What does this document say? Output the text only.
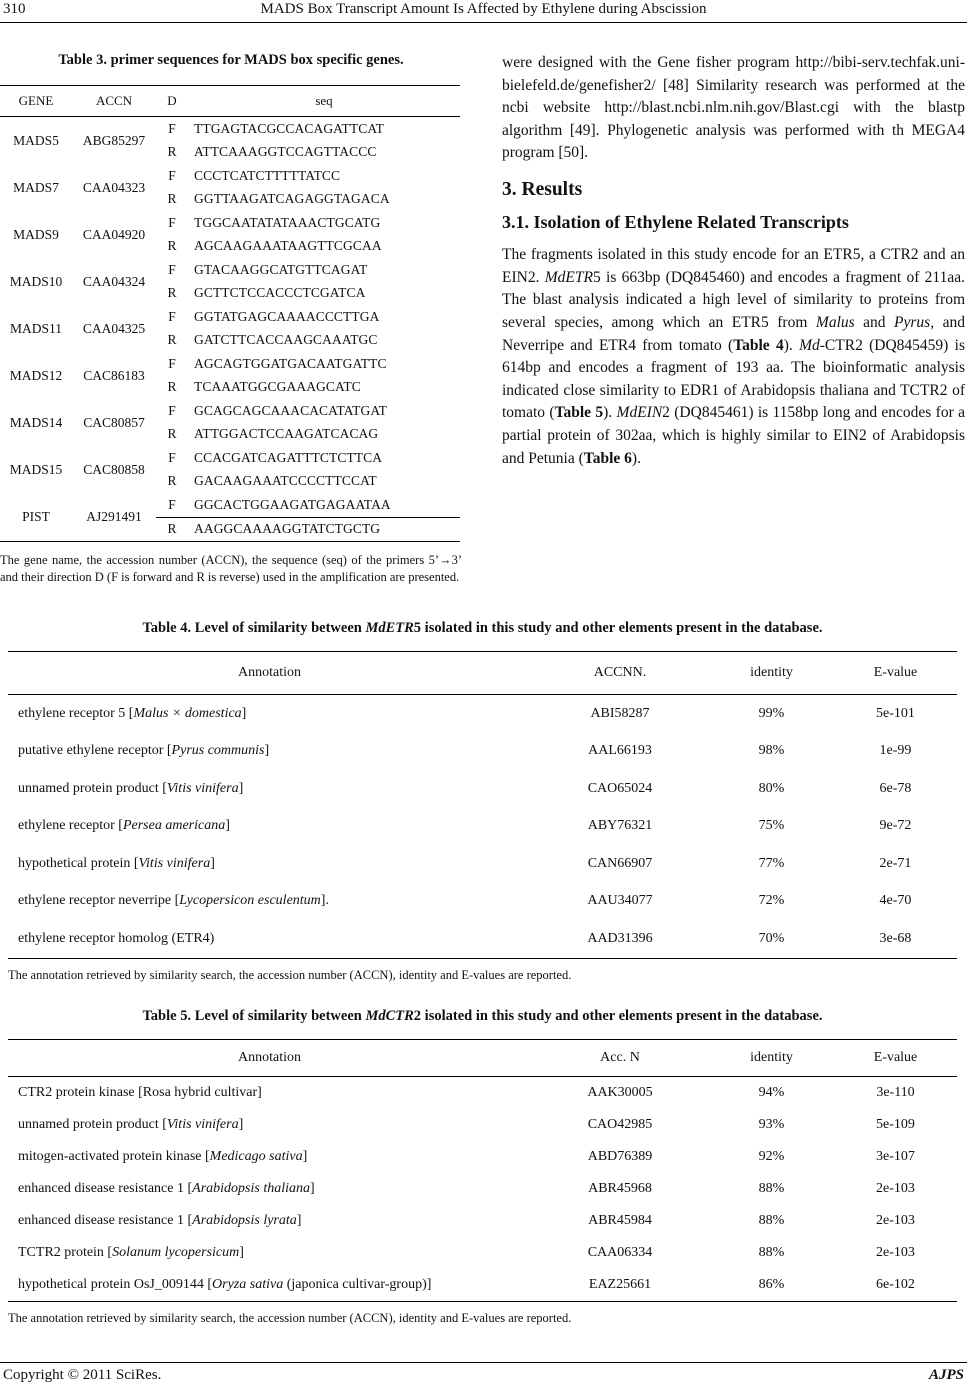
310	MADS Box Transcript Amount Is Affected by Ethylene during Abscission
Table 3. primer sequences for MADS box specific genes.
GENE	ACCN	D	seq
MADS5	ABG85297	F	TTGAGTACGCCACAGATTCAT
		R	ATTCAAAGGTCCAGTTACCC
MADS7	CAA04323	F	CCCTCATCTTTTTATCC
		R	GGTTAAGATCAGAGGTAGACA
MADS9	CAA04920	F	TGGCAATATATAAACTGCATG
		R	AGCAAGAAATAAGTTCGCAA
MADS10	CAA04324	F	GTACAAGGCATGTTCAGAT
		R	GCTTCTCCACCCTCGATCA
MADS11	CAA04325	F	GGTATGAGCAAAACCCTTGA
		R	GATCTTCACCAAGCAAATGC
MADS12	CAC86183	F	AGCAGTGGATGACAATGATTC
		R	TCAAATGGCGAAAGCATC
MADS14	CAC80857	F	GCAGCAGCAAACACATATGAT
		R	ATTGGACTCCAAGATCACAG
MADS15	CAC80858	F	CCACGATCAGATTTCTCTTCA
		R	GACAAGAAATCCCCTTCCAT
PIST	AJ291491	F	GGCACTGGAAGATGAGAATAA
		R	AAGGCAAAAGGTATCTGCTG
The gene name, the accession number (ACCN), the sequence (seq) of the primers 5’→3’ and their direction D (F is forward and R is reverse) used in the amplification are presented.

were designed with the Gene fisher program http://bibi-serv.techfak.uni-bielefeld.de/genefisher2/ [48] Similarity research was performed at the ncbi website http://blast.ncbi.nlm.nih.gov/Blast.cgi with the blastp algorithm [49]. Phylogenetic analysis was performed with th MEGA4 program [50].

3. Results
3.1. Isolation of Ethylene Related Transcripts

The fragments isolated in this study encode for an ETR5, a CTR2 and an EIN2. MdETR5 is 663bp (DQ845460) and encodes a fragment of 211aa. The blast analysis indicated a high level of similarity to proteins from several species, among which an ETR5 from Malus and Pyrus, and Neverripe and ETR4 from tomato (Table 4). Md-CTR2 (DQ845459) is 614bp and encodes a fragment of 193 aa. The bioinformatic analysis indicated close similarity to EDR1 of Arabidopsis thaliana and TCTR2 of tomato (Table 5). MdEIN2 (DQ845461) is 1158bp long and encodes for a partial protein of 302aa, which is highly similar to EIN2 of Arabidopsis and Petunia (Table 6).

Table 4. Level of similarity between MdETR5 isolated in this study and other elements present in the database.
Annotation	ACCNN.	identity	E-value
ethylene receptor 5 [Malus × domestica]	ABI58287	99%	5e-101
putative ethylene receptor [Pyrus communis]	AAL66193	98%	1e-99
unnamed protein product [Vitis vinifera]	CAO65024	80%	6e-78
ethylene receptor [Persea americana]	ABY76321	75%	9e-72
hypothetical protein [Vitis vinifera]	CAN66907	77%	2e-71
ethylene receptor neverripe [Lycopersicon esculentum].	AAU34077	72%	4e-70
ethylene receptor homolog (ETR4)	AAD31396	70%	3e-68
The annotation retrieved by similarity search, the accession number (ACCN), identity and E-values are reported.
Table 5. Level of similarity between MdCTR2 isolated in this study and other elements present in the database.
Annotation	Acc. N	identity	E-value
CTR2 protein kinase [Rosa hybrid cultivar]	AAK30005	94%	3e-110
unnamed protein product [Vitis vinifera]	CAO42985	93%	5e-109
mitogen-activated protein kinase [Medicago sativa]	ABD76389	92%	3e-107
enhanced disease resistance 1 [Arabidopsis thaliana]	ABR45968	88%	2e-103
enhanced disease resistance 1 [Arabidopsis lyrata]	ABR45984	88%	2e-103
TCTR2 protein [Solanum lycopersicum]	CAA06334	88%	2e-103
hypothetical protein OsJ_009144 [Oryza sativa (japonica cultivar-group)]	EAZ25661	86%	6e-102
The annotation retrieved by similarity search, the accession number (ACCN), identity and E-values are reported.
Copyright © 2011 SciRes.	AJPS
